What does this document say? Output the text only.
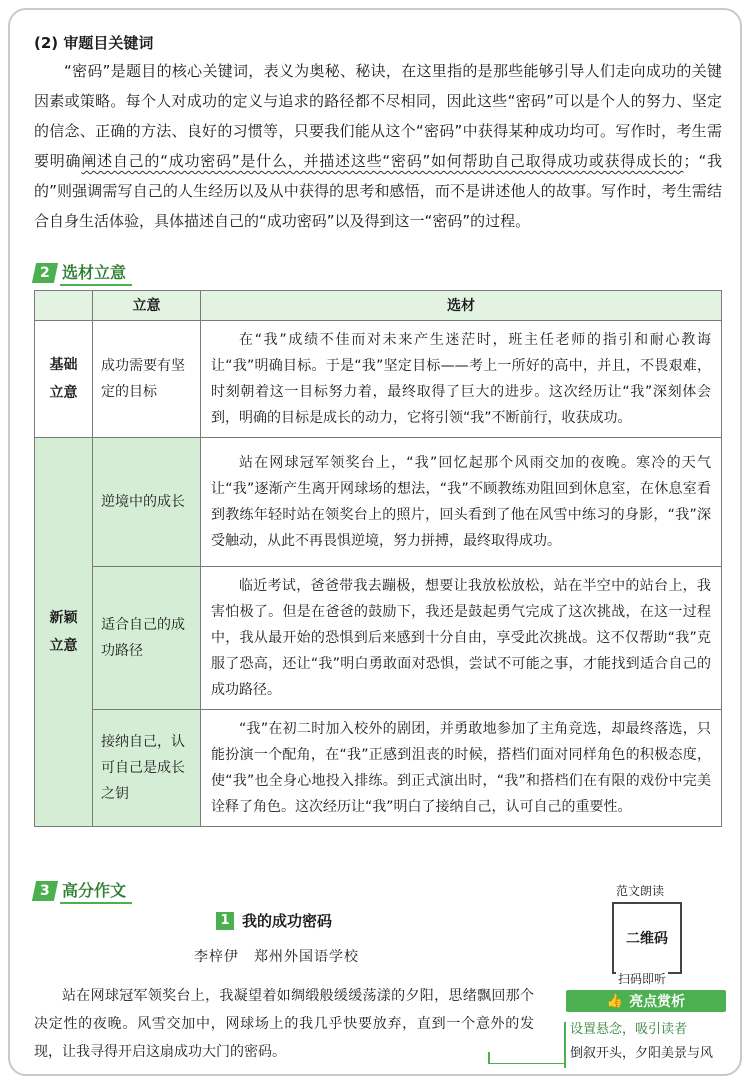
(2) 审题目关键词

“密码”是题目的核心关键词，表义为奥秘、秘诀，在这里指的是那些能够引导人们走向成功的关键因素或策略。每个人对成功的定义与追求的路径都不尽相同，因此这些“密码”可以是个人的努力、坚定的信念、正确的方法、良好的习惯等，只要我们能从这个“密码”中获得某种成功均可。写作时，考生需要明确阐述自己的“成功密码”是什么，并描述这些“密码”如何帮助自己取得成功或获得成长的；“我的”则强调需写自己的人生经历以及从中获得的思考和感悟，而不是讲述他人的故事。写作时，考生需结合自身生活体验，具体描述自己的“成功密码”以及得到这一“密码”的过程。

2 选材立意
	立意	选材
基础立意	成功需要有坚定的目标	在“我”成绩不佳而对未来产生迷茫时，班主任老师的指引和耐心教诲让“我”明确目标。于是“我”坚定目标——考上一所好的高中，并且，不畏艰难，时刻朝着这一目标努力着，最终取得了巨大的进步。这次经历让“我”深刻体会到，明确的目标是成长的动力，它将引领“我”不断前行，收获成功。
新颖立意	逆境中的成长	站在网球冠军领奖台上，“我”回忆起那个风雨交加的夜晚。寒冷的天气让“我”逐渐产生离开网球场的想法，“我”不顾教练劝阻回到休息室，在休息室看到教练年轻时站在领奖台上的照片，回头看到了他在风雪中练习的身影，“我”深受触动，从此不再畏惧逆境，努力拼搏，最终取得成功。
	适合自己的成功路径	临近考试，爸爸带我去蹦极，想要让我放松放松，站在半空中的站台上，我害怕极了。但是在爸爸的鼓励下，我还是鼓起勇气完成了这次挑战，在这一过程中，我从最开始的恐惧到后来感到十分自由，享受此次挑战。这不仅帮助“我”克服了恐高，还让“我”明白勇敢面对恐惧，尝试不可能之事，才能找到适合自己的成功路径。
	接纳自己，认可自己是成长之钥	“我”在初二时加入校外的剧团，并勇敢地参加了主角竞选，却最终落选，只能扮演一个配角，在“我”正感到沮丧的时候，搭档们面对同样角色的积极态度，使“我”也全身心地投入排练。到正式演出时，“我”和搭档们在有限的戏份中完美诠释了角色。这次经历让“我”明白了接纳自己，认可自己的重要性。
3 高分作文
1 我的成功密码
李梓伊　郑州外国语学校

站在网球冠军领奖台上，我凝望着如绸缎般缓缓荡漾的夕阳，思绪飘回那个决定性的夜晚。风雪交加中，网球场上的我几乎快要放弃，直到一个意外的发现，让我寻得开启这扇成功大门的密码。

范文朗读
二维码
扫码即听
👍 亮点赏析
设置悬念，吸引读者
倒叙开头，夕阳美景与风
